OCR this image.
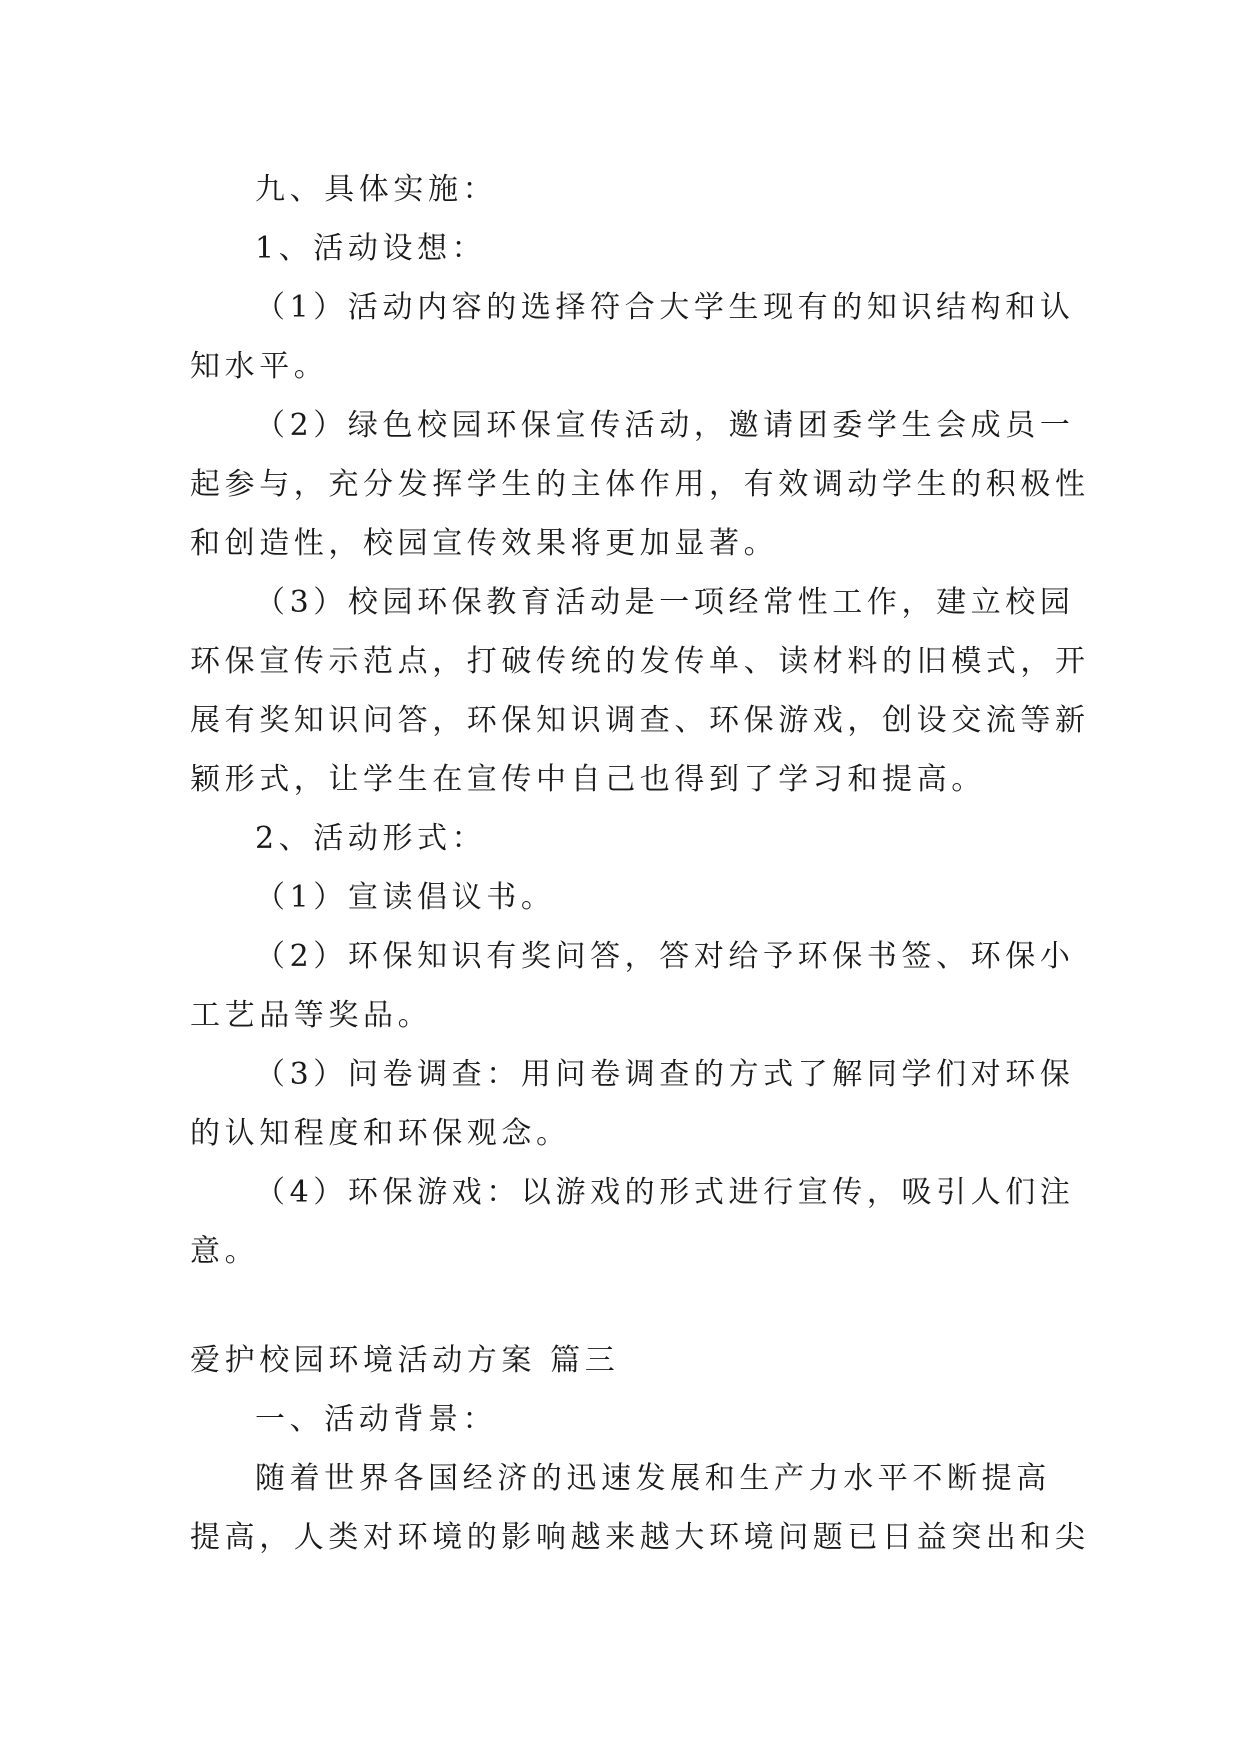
九、具体实施：

1、活动设想：

（1）活动内容的选择符合大学生现有的知识结构和认

知水平。

（2）绿色校园环保宣传活动，邀请团委学生会成员一

起参与，充分发挥学生的主体作用，有效调动学生的积极性

和创造性，校园宣传效果将更加显著。

（3）校园环保教育活动是一项经常性工作，建立校园

环保宣传示范点，打破传统的发传单、读材料的旧模式，开

展有奖知识问答，环保知识调查、环保游戏，创设交流等新

颖形式，让学生在宣传中自己也得到了学习和提高。

2、活动形式：

（1）宣读倡议书。

（2）环保知识有奖问答，答对给予环保书签、环保小

工艺品等奖品。

（3）问卷调查：用问卷调查的方式了解同学们对环保

的认知程度和环保观念。

（4）环保游戏：以游戏的形式进行宣传，吸引人们注

意。

爱护校园环境活动方案 篇三

一、活动背景：

随着世界各国经济的迅速发展和生产力水平不断提高

提高，人类对环境的影响越来越大环境问题已日益突出和尖
